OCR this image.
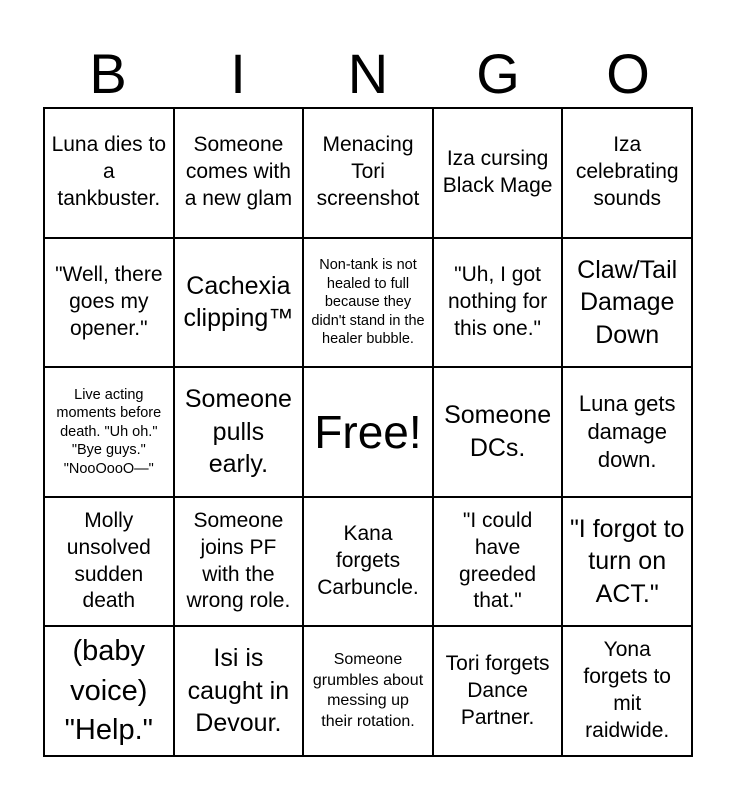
B	I	N	G	O
Luna dies to a tankbuster.
Someone comes with a new glam
Menacing Tori screenshot
Iza cursing Black Mage
Iza celebrating sounds
"Well, there goes my opener."
Cachexia clipping™
Non-tank is not healed to full because they didn't stand in the healer bubble.
"Uh, I got nothing for this one."
Claw/Tail Damage Down
Live acting moments before death. "Uh oh." "Bye guys." "NooOooO—"
Someone pulls early.
Free! Someone DCs.
Luna gets damage down.
Molly unsolved sudden death
Someone joins PF with the wrong role.
Kana forgets Carbuncle.
"I could have greeded that."
"I forgot to turn on ACT."
(baby voice) "Help."
Isi is caught in Devour.
Someone grumbles about messing up their rotation.
Tori forgets Dance Partner.
Yona forgets to mit raidwide.
